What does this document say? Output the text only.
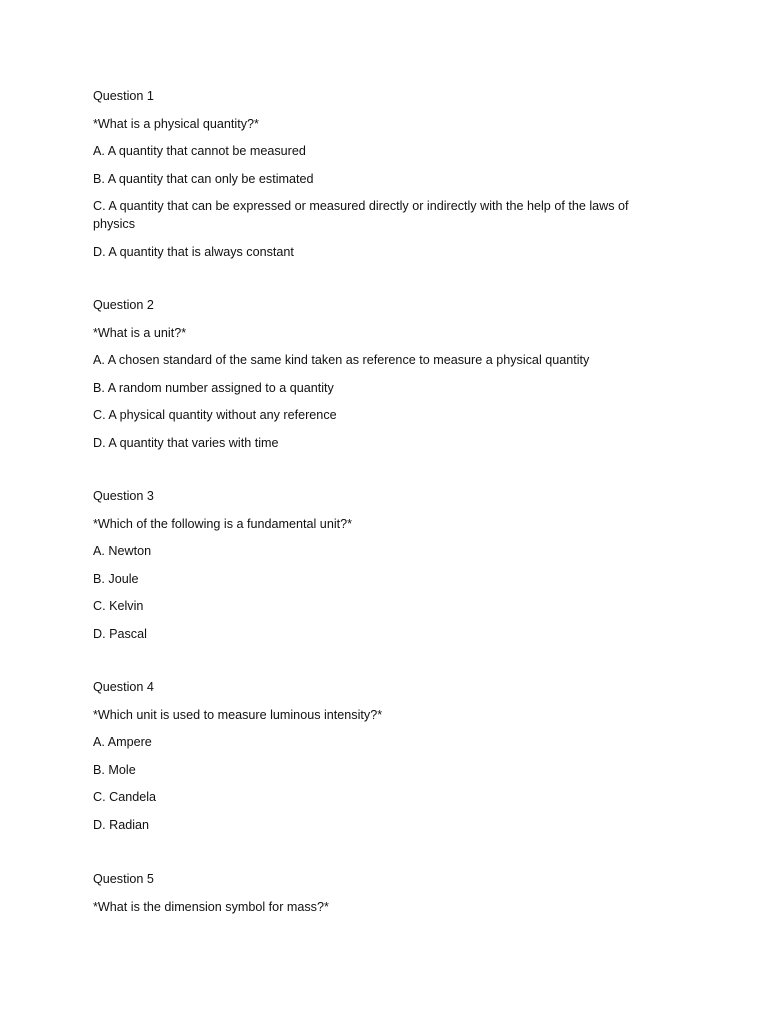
Question 1

*What is a physical quantity?*

A. A quantity that cannot be measured

B. A quantity that can only be estimated

C. A quantity that can be expressed or measured directly or indirectly with the help of the laws of physics

D. A quantity that is always constant

Question 2

*What is a unit?*

A. A chosen standard of the same kind taken as reference to measure a physical quantity

B. A random number assigned to a quantity

C. A physical quantity without any reference

D. A quantity that varies with time

Question 3

*Which of the following is a fundamental unit?*

A. Newton

B. Joule

C. Kelvin

D. Pascal

Question 4

*Which unit is used to measure luminous intensity?*

A. Ampere

B. Mole

C. Candela

D. Radian

Question 5

*What is the dimension symbol for mass?*
